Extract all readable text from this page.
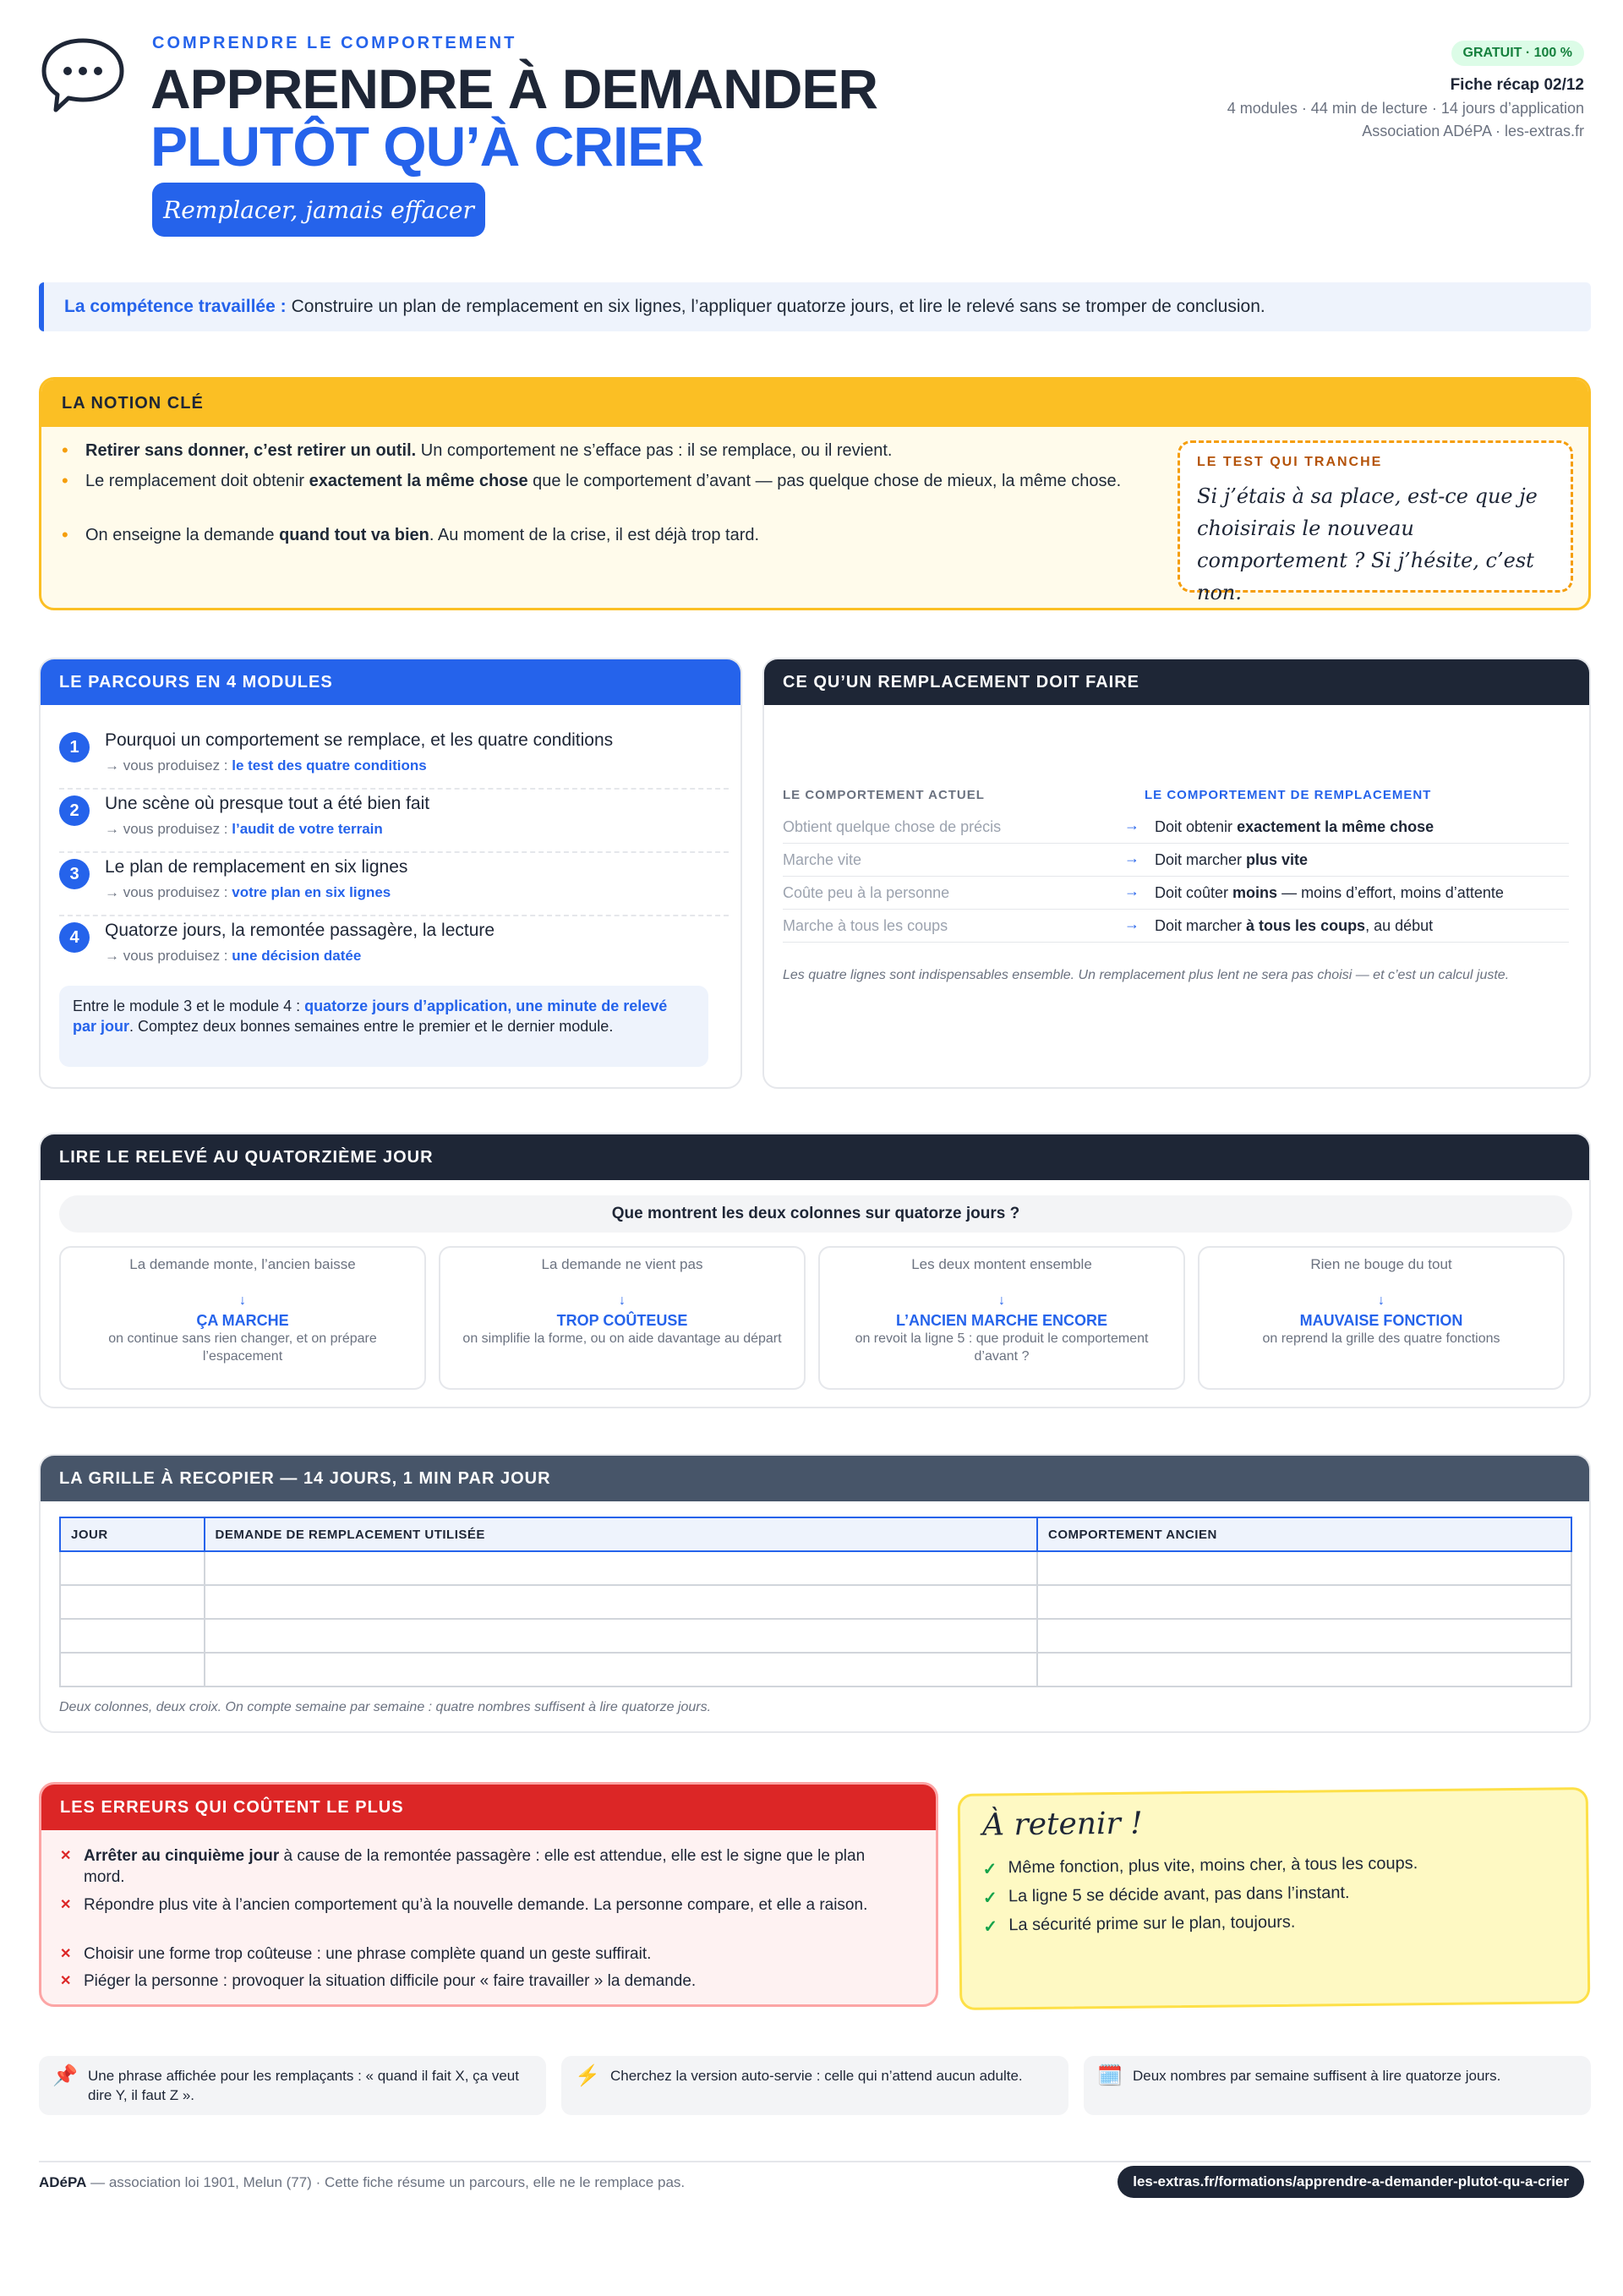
COMPRENDRE LE COMPORTEMENT
APPRENDRE À DEMANDER
PLUTÔT QU’À CRIER
Remplacer, jamais effacer
GRATUIT · 100 %
Fiche récap 02/12
4 modules · 44 min de lecture · 14 jours d’application
Association ADéPA · les-extras.fr
La compétence travaillée : Construire un plan de remplacement en six lignes, l’appliquer quatorze jours, et lire le relevé sans se tromper de conclusion.
LA NOTION CLÉ
• Retirer sans donner, c’est retirer un outil. Un comportement ne s’efface pas : il se remplace, ou il revient.
• Le remplacement doit obtenir exactement la même chose que le comportement d’avant — pas quelque chose de mieux, la même chose.
• On enseigne la demande quand tout va bien. Au moment de la crise, il est déjà trop tard.
LE TEST QUI TRANCHE
Si j’étais à sa place, est-ce que je choisirais le nouveau comportement ? Si j’hésite, c’est non.
LE PARCOURS EN 4 MODULES
1	Pourquoi un comportement se remplace, et les quatre conditions
→ vous produisez : le test des quatre conditions
2	Une scène où presque tout a été bien fait
→ vous produisez : l’audit de votre terrain
3	Le plan de remplacement en six lignes
→ vous produisez : votre plan en six lignes
4	Quatorze jours, la remontée passagère, la lecture
→ vous produisez : une décision datée
Entre le module 3 et le module 4 : quatorze jours d’application, une minute de relevé par jour. Comptez deux bonnes semaines entre le premier et le dernier module.
CE QU’UN REMPLACEMENT DOIT FAIRE
LE COMPORTEMENT ACTUEL	LE COMPORTEMENT DE REMPLACEMENT
Obtient quelque chose de précis	→ Doit obtenir exactement la même chose
Marche vite	→ Doit marcher plus vite
Coûte peu à la personne	→ Doit coûter moins — moins d’effort, moins d’attente
Marche à tous les coups	→ Doit marcher à tous les coups, au début
Les quatre lignes sont indispensables ensemble. Un remplacement plus lent ne sera pas choisi — et c’est un calcul juste.
LIRE LE RELEVÉ AU QUATORZIÈME JOUR
Que montrent les deux colonnes sur quatorze jours ?
La demande monte, l’ancien baisse
↓
ÇA MARCHE
on continue sans rien changer, et on prépare l’espacement
La demande ne vient pas
↓
TROP COÛTEUSE
on simplifie la forme, ou on aide davantage au départ
Les deux montent ensemble
↓
L’ANCIEN MARCHE ENCORE
on revoit la ligne 5 : que produit le comportement d’avant ?
Rien ne bouge du tout
↓
MAUVAISE FONCTION
on reprend la grille des quatre fonctions
LA GRILLE À RECOPIER — 14 JOURS, 1 MIN PAR JOUR
JOUR	DEMANDE DE REMPLACEMENT UTILISÉE	COMPORTEMENT ANCIEN

Deux colonnes, deux croix. On compte semaine par semaine : quatre nombres suffisent à lire quatorze jours.
LES ERREURS QUI COÛTENT LE PLUS
✕ Arrêter au cinquième jour à cause de la remontée passagère : elle est attendue, elle est le signe que le plan mord.
✕ Répondre plus vite à l’ancien comportement qu’à la nouvelle demande. La personne compare, et elle a raison.
✕ Choisir une forme trop coûteuse : une phrase complète quand un geste suffirait.
✕ Piéger la personne : provoquer la situation difficile pour « faire travailler » la demande.
À retenir !
✓ Même fonction, plus vite, moins cher, à tous les coups.
✓ La ligne 5 se décide avant, pas dans l’instant.
✓ La sécurité prime sur le plan, toujours.
📌 Une phrase affichée pour les remplaçants : « quand il fait X, ça veut dire Y, il faut Z ».
⚡ Cherchez la version auto-servie : celle qui n’attend aucun adulte.	🗓️ Deux nombres par semaine suffisent à lire quatorze jours.
ADéPA — association loi 1901, Melun (77) · Cette fiche résume un parcours, elle ne le remplace pas.	les-extras.fr/formations/apprendre-a-demander-plutot-qu-a-crier
